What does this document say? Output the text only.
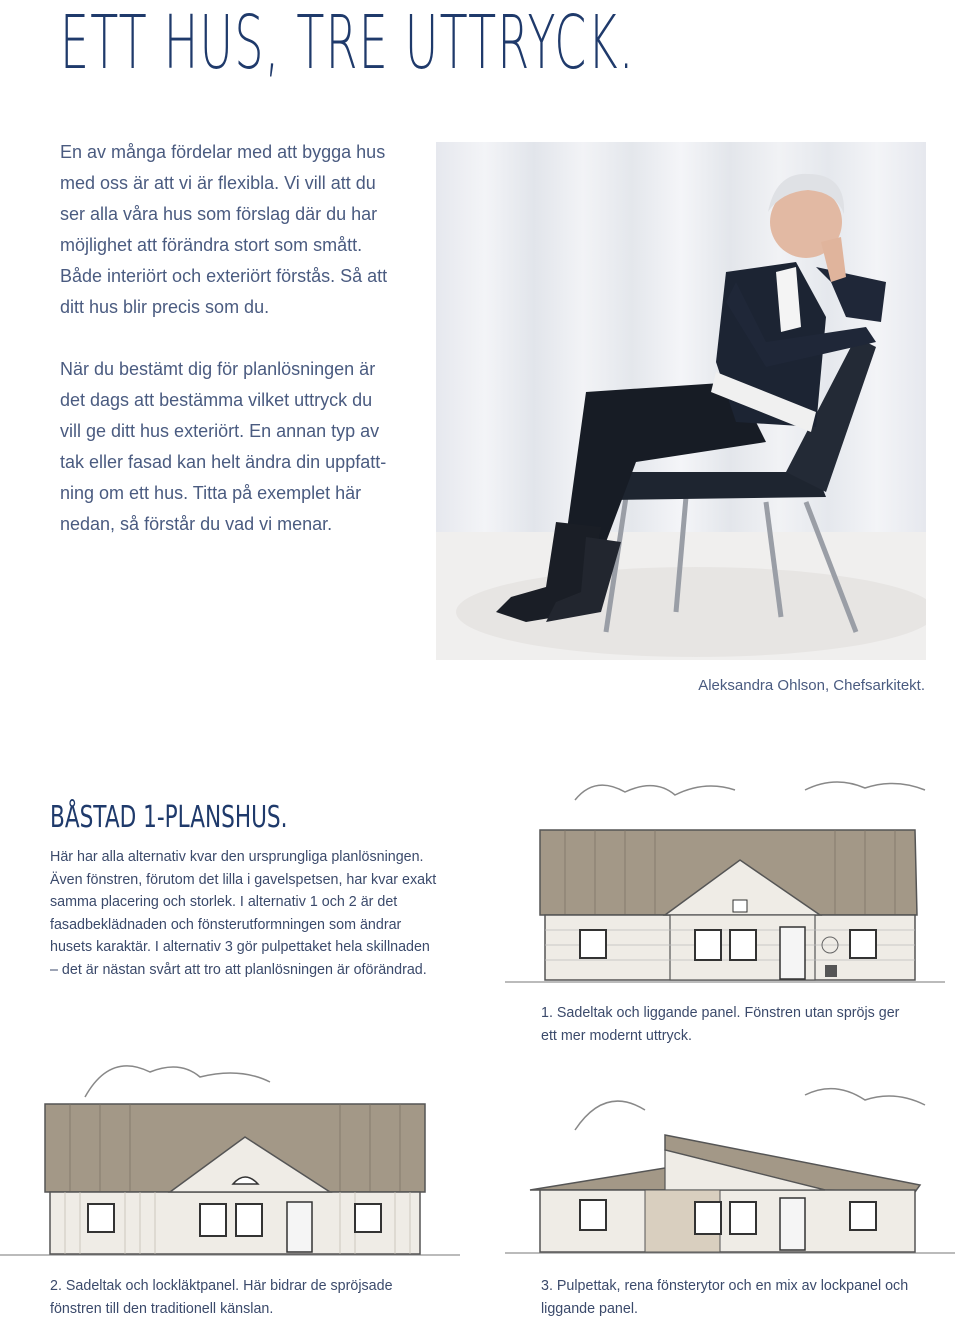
ETT HUS, TRE UTTRYCK.

En av många fördelar med att bygga hus
med oss är att vi är flexibla. Vi vill att du
ser alla våra hus som förslag där du har
möjlighet att förändra stort som smått.
Både interiört och exteriört förstås. Så att
ditt hus blir precis som du.

När du bestämt dig för planlösningen är
det dags att bestämma vilket uttryck du
vill ge ditt hus exteriört. En annan typ av
tak eller fasad kan helt ändra din uppfatt-
ning om ett hus. Titta på exemplet här
nedan, så förstår du vad vi menar.

Aleksandra Ohlson, Chefsarkitekt.
BÅSTAD 1-PLANSHUS.
Här har alla alternativ kvar den ursprungliga planlösningen.
Även fönstren, förutom det lilla i gavelspetsen, har kvar exakt
samma placering och storlek. I alternativ 1 och 2 är det
fasadbeklädnaden och fönsterutformningen som ändrar
husets karaktär. I alternativ 3 gör pulpettaket hela skillnaden
– det är nästan svårt att tro att planlösningen är oförändrad.
1. Sadeltak och liggande panel. Fönstren utan spröjs ger
ett mer modernt uttryck.
2. Sadeltak och lockläktpanel. Här bidrar de spröjsade
fönstren till den traditionell känslan.
3. Pulpettak, rena fönsterytor och en mix av lockpanel och
liggande panel.
